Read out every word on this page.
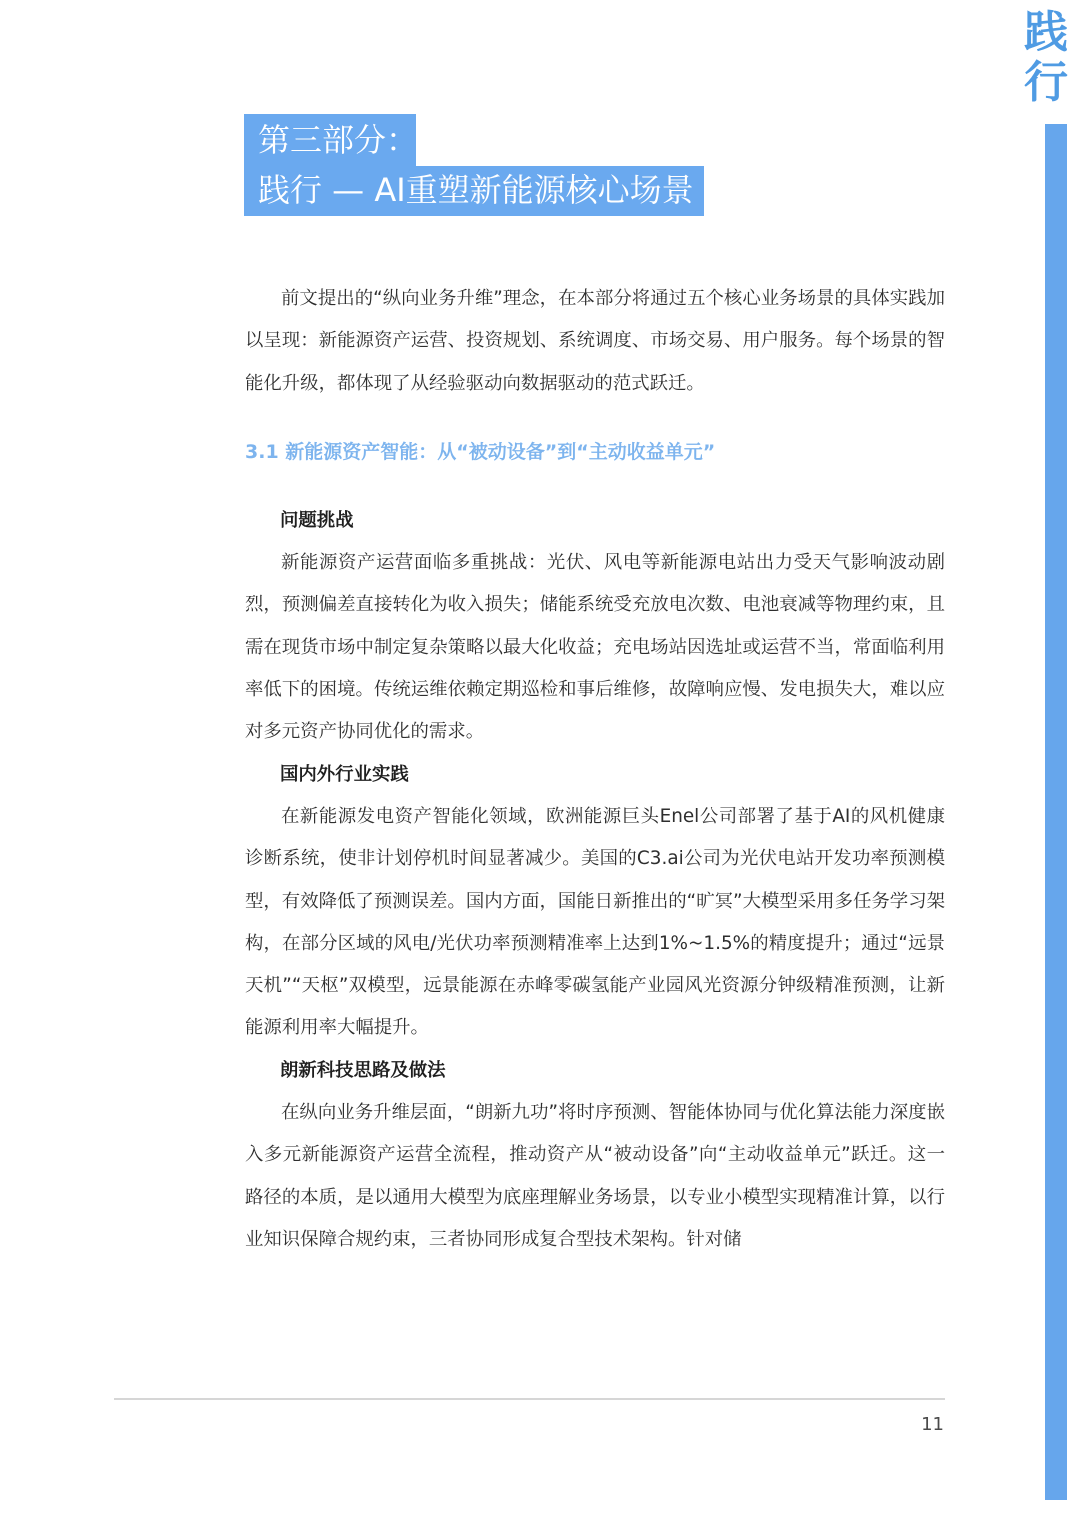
践行
第三部分：
践行 — AI重塑新能源核心场景
前文提出的“纵向业务升维”理念，在本部分将通过五个核心业务场景的具体实践加以呈现：新能源资产运营、投资规划、系统调度、市场交易、用户服务。每个场景的智能化升级，都体现了从经验驱动向数据驱动的范式跃迁。
3.1 新能源资产智能：从“被动设备”到“主动收益单元”
问题挑战
新能源资产运营面临多重挑战：光伏、风电等新能源电站出力受天气影响波动剧烈，预测偏差直接转化为收入损失；储能系统受充放电次数、电池衰减等物理约束，且需在现货市场中制定复杂策略以最大化收益；充电场站因选址或运营不当，常面临利用率低下的困境。传统运维依赖定期巡检和事后维修，故障响应慢、发电损失大，难以应对多元资产协同优化的需求。
国内外行业实践
在新能源发电资产智能化领域，欧洲能源巨头Enel公司部署了基于AI的风机健康诊断系统，使非计划停机时间显著减少。美国的C3.ai公司为光伏电站开发功率预测模型，有效降低了预测误差。国内方面，国能日新推出的“旷冥”大模型采用多任务学习架构，在部分区域的风电/光伏功率预测精准率上达到1%~1.5%的精度提升；通过“远景天机”“天枢”双模型，远景能源在赤峰零碳氢能产业园风光资源分钟级精准预测，让新能源利用率大幅提升。
朗新科技思路及做法
在纵向业务升维层面，“朗新九功”将时序预测、智能体协同与优化算法能力深度嵌入多元新能源资产运营全流程，推动资产从“被动设备”向“主动收益单元”跃迁。这一路径的本质，是以通用大模型为底座理解业务场景，以专业小模型实现精准计算，以行业知识保障合规约束，三者协同形成复合型技术架构。针对储
11
